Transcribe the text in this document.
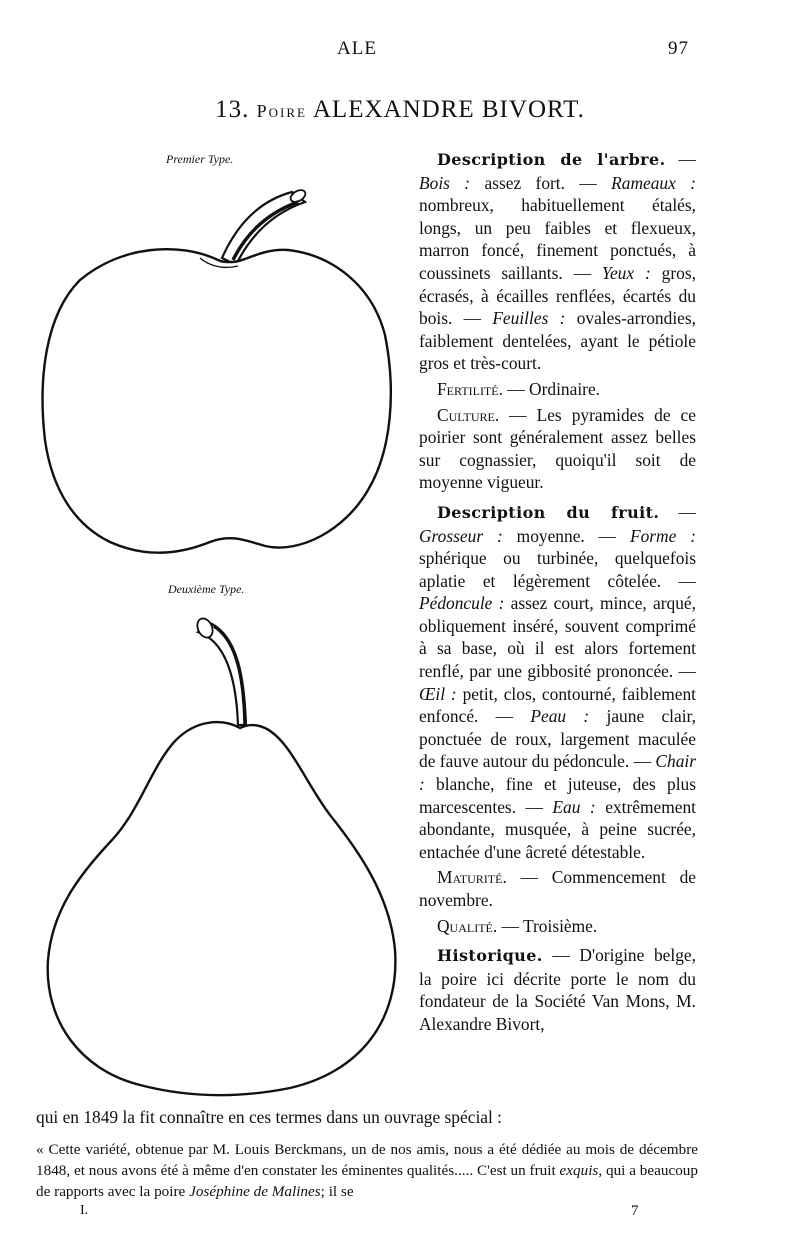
ALE	97
13. Poire ALEXANDRE BIVORT.
Premier Type.
Deuxième Type.

Description de l'arbre. — Bois : assez fort. — Rameaux : nombreux, habituellement étalés, longs, un peu faibles et flexueux, marron foncé, finement ponctués, à coussinets saillants. — Yeux : gros, écrasés, à écailles renflées, écartés du bois. — Feuilles : ovales-arrondies, faiblement dentelées, ayant le pétiole gros et très-court.

Fertilité. — Ordinaire.

Culture. — Les pyramides de ce poirier sont généralement assez belles sur cognassier, quoiqu'il soit de moyenne vigueur.

Description du fruit. — Grosseur : moyenne. — Forme : sphérique ou turbinée, quelquefois aplatie et légèrement côtelée. — Pédoncule : assez court, mince, arqué, obliquement inséré, souvent comprimé à sa base, où il est alors fortement renflé, par une gibbosité prononcée. — Œil : petit, clos, contourné, faiblement enfoncé. — Peau : jaune clair, ponctuée de roux, largement maculée de fauve autour du pédoncule. — Chair : blanche, fine et juteuse, des plus marcescentes. — Eau : extrêmement abondante, musquée, à peine sucrée, entachée d'une âcreté détestable.

Maturité. — Commencement de novembre.

Qualité. — Troisième.

Historique. — D'origine belge, la poire ici décrite porte le nom du fondateur de la Société Van Mons, M. Alexandre Bivort,

qui en 1849 la fit connaître en ces termes dans un ouvrage spécial :

« Cette variété, obtenue par M. Louis Berckmans, un de nos amis, nous a été dédiée au mois de décembre 1848, et nous avons été à même d'en constater les éminentes qualités..... C'est un fruit exquis, qui a beaucoup de rapports avec la poire Joséphine de Malines; il se

I.	7
